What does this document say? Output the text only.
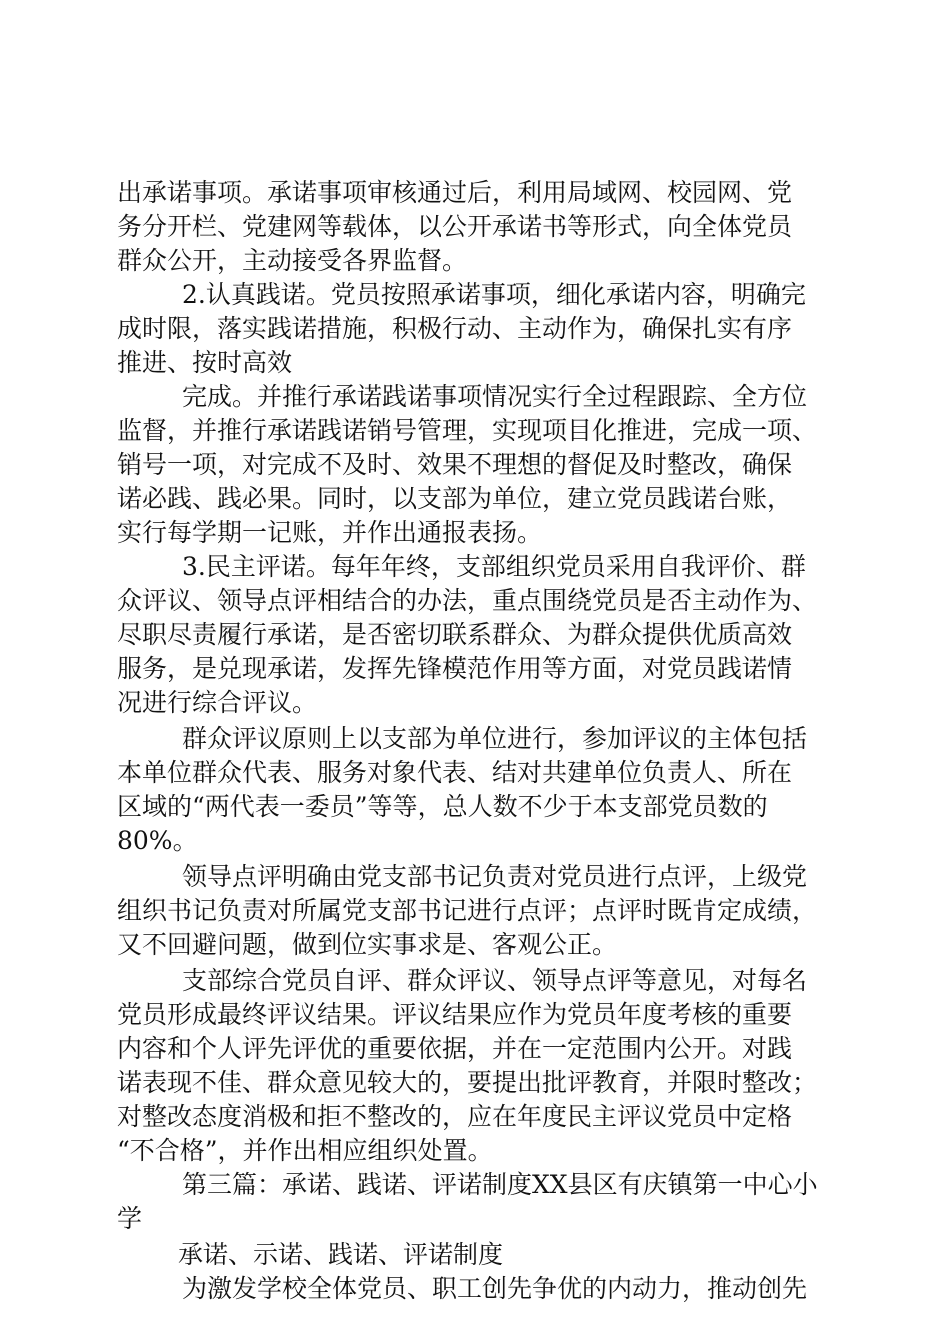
出承诺事项。承诺事项审核通过后，利用局域网、校园网、党
务分开栏、党建网等载体，以公开承诺书等形式，向全体党员
群众公开，主动接受各界监督。
2.认真践诺。党员按照承诺事项，细化承诺内容，明确完
成时限，落实践诺措施，积极行动、主动作为，确保扎实有序
推进、按时高效
完成。并推行承诺践诺事项情况实行全过程跟踪、全方位
监督，并推行承诺践诺销号管理，实现项目化推进，完成一项、
销号一项，对完成不及时、效果不理想的督促及时整改，确保
诺必践、践必果。同时，以支部为单位，建立党员践诺台账，
实行每学期一记账，并作出通报表扬。
3.民主评诺。每年年终，支部组织党员采用自我评价、群
众评议、领导点评相结合的办法，重点围绕党员是否主动作为、
尽职尽责履行承诺，是否密切联系群众、为群众提供优质高效
服务，是兑现承诺，发挥先锋模范作用等方面，对党员践诺情
况进行综合评议。
群众评议原则上以支部为单位进行，参加评议的主体包括
本单位群众代表、服务对象代表、结对共建单位负责人、所在
区域的“两代表一委员”等等，总人数不少于本支部党员数的
80%。
领导点评明确由党支部书记负责对党员进行点评，上级党
组织书记负责对所属党支部书记进行点评；点评时既肯定成绩，
又不回避问题，做到位实事求是、客观公正。
支部综合党员自评、群众评议、领导点评等意见，对每名
党员形成最终评议结果。评议结果应作为党员年度考核的重要
内容和个人评先评优的重要依据，并在一定范围内公开。对践
诺表现不佳、群众意见较大的，要提出批评教育，并限时整改；
对整改态度消极和拒不整改的，应在年度民主评议党员中定格
“不合格”，并作出相应组织处置。
第三篇：承诺、践诺、评诺制度XX县区有庆镇第一中心小
学
承诺、示诺、践诺、评诺制度
为激发学校全体党员、职工创先争优的内动力，推动创先
